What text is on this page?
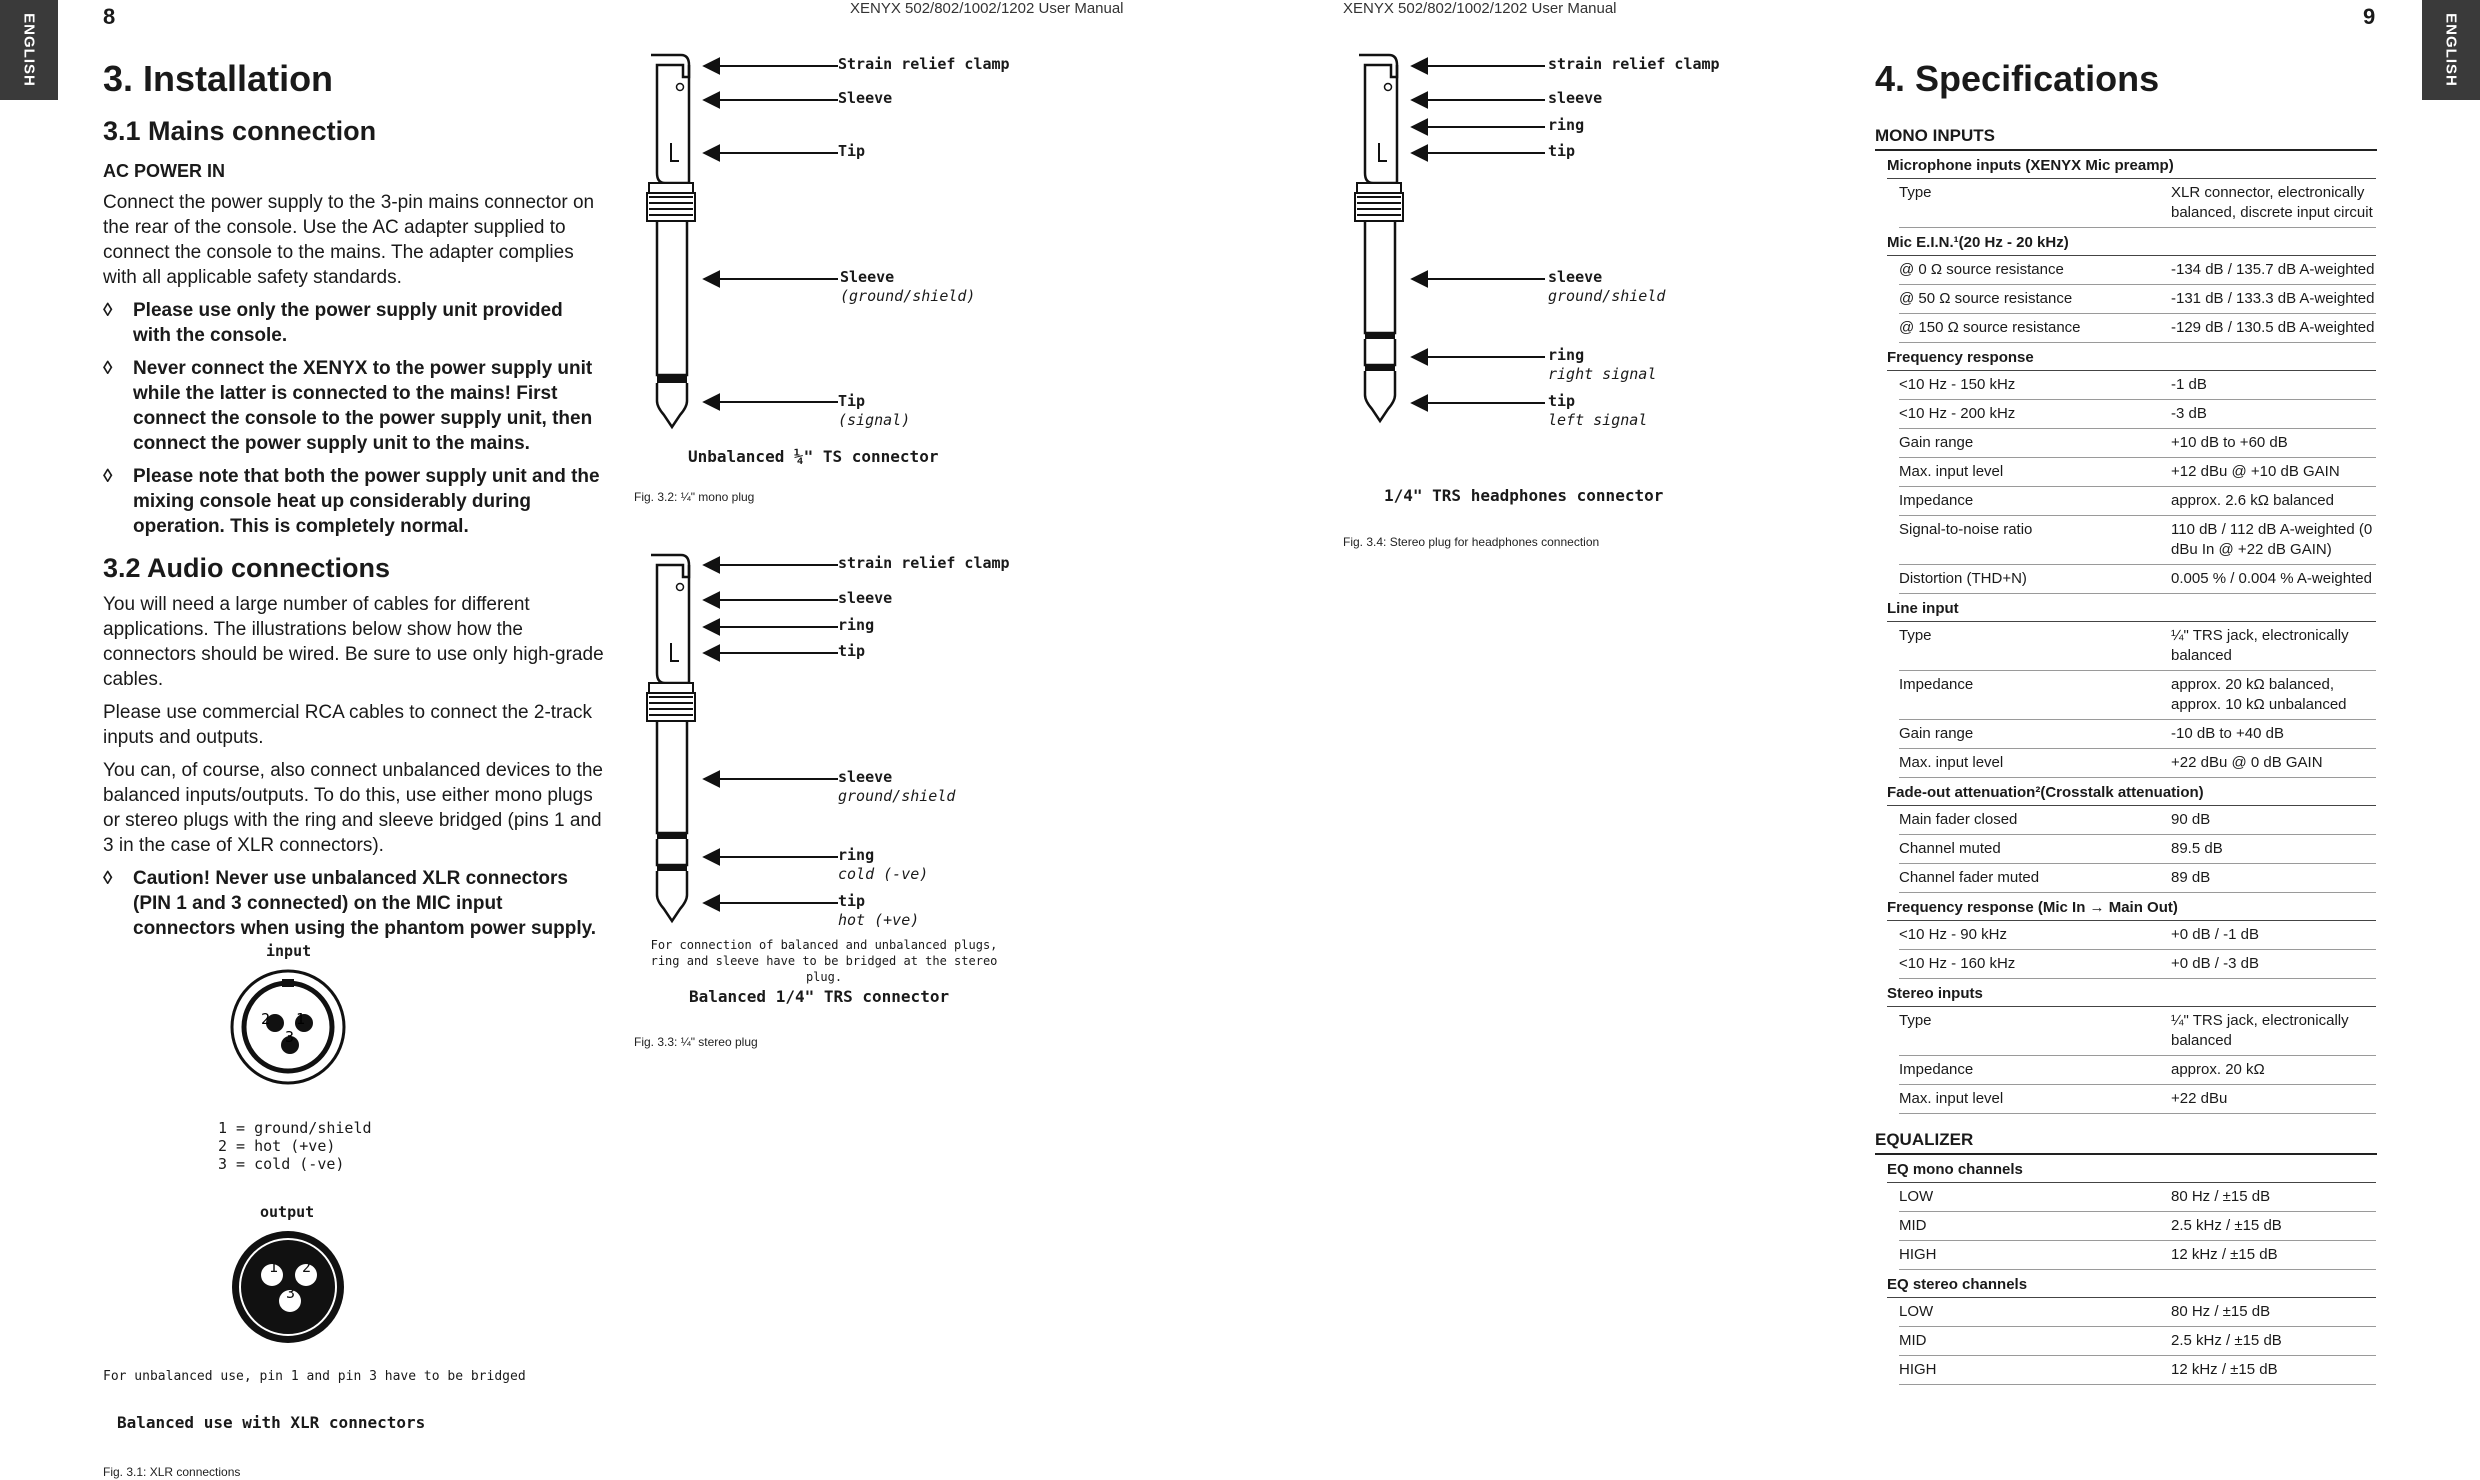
8	9
XENYX 502/802/1002/1202 User Manual	XENYX 502/802/1002/1202 User Manual
ENGLISH	ENGLISH
3. Installation
3.1 Mains connection
AC POWER IN

Connect the power supply to the 3-pin mains connector on the rear of the console. Use the AC adapter supplied to connect the console to the mains. The adapter complies with all applicable safety standards.

◊	Please use only the power supply unit provided with the console.
◊	Never connect the XENYX to the power supply unit while the latter is connected to the mains! First connect the console to the power supply unit, then connect the power supply unit to the mains.
◊	Please note that both the power supply unit and the mixing console heat up considerably during operation. This is completely normal.
3.2 Audio connections

You will need a large number of cables for different applications. The illustrations below show how the connectors should be wired. Be sure to use only high-grade cables.

Please use commercial RCA cables to connect the 2-track inputs and outputs.

You can, of course, also connect unbalanced devices to the balanced inputs/outputs. To do this, use either mono plugs or stereo plugs with the ring and sleeve bridged (pins 1 and 3 in the case of XLR connectors).

◊	Caution! Never use unbalanced XLR connectors (PIN 1 and 3 connected) on the MIC input connectors when using the phantom power supply.
input
2 1
3
1 = ground/shield
2 = hot (+ve)
3 = cold (-ve)
output
1 2
3
For unbalanced use, pin 1 and pin 3 have to be bridged
Balanced use with XLR connectors
Fig. 3.1: XLR connections
Strain relief clamp
Sleeve
Tip
Sleeve
(ground/shield)
Tip
(signal)
Unbalanced ¼" TS connector
Fig. 3.2: ¼" mono plug
strain relief clamp
sleeve
ring
tip
sleeve
ground/shield
ring
cold (-ve)
tip
hot (+ve)
For connection of balanced and unbalanced plugs,
ring and sleeve have to be bridged at the stereo plug.
Balanced 1/4" TRS connector
Fig. 3.3: ¼" stereo plug
strain relief clamp
sleeve
ring
tip
sleeve
ground/shield
ring
right signal
tip
left signal
1/4" TRS headphones connector
Fig. 3.4: Stereo plug for headphones connection
4. Specifications
MONO INPUTS
Microphone inputs (XENYX Mic preamp)
Type	XLR connector, electronically balanced, discrete input circuit
Mic E.I.N.¹(20 Hz - 20 kHz)
@ 0 Ω source resistance	-134 dB / 135.7 dB A-weighted
@ 50 Ω source resistance	-131 dB / 133.3 dB A-weighted
@ 150 Ω source resistance	-129 dB / 130.5 dB A-weighted
Frequency response
<10 Hz - 150 kHz	-1 dB
<10 Hz - 200 kHz	-3 dB
Gain range	+10 dB to +60 dB
Max. input level	+12 dBu @ +10 dB GAIN
Impedance	approx. 2.6 kΩ balanced
Signal-to-noise ratio	110 dB / 112 dB A-weighted (0 dBu In @ +22 dB GAIN)
Distortion (THD+N)	0.005 % / 0.004 % A-weighted
Line input
Type	¼" TRS jack, electronically balanced
Impedance	approx. 20 kΩ balanced, approx. 10 kΩ unbalanced
Gain range	-10 dB to +40 dB
Max. input level	+22 dBu @ 0 dB GAIN
Fade-out attenuation²(Crosstalk attenuation)
Main fader closed	90 dB
Channel muted	89.5 dB
Channel fader muted	89 dB
Frequency response (Mic In → Main Out)
<10 Hz - 90 kHz	+0 dB / -1 dB
<10 Hz - 160 kHz	+0 dB / -3 dB
Stereo inputs
Type	¼" TRS jack, electronically balanced
Impedance	approx. 20 kΩ
Max. input level	+22 dBu
EQUALIZER
EQ mono channels
LOW	80 Hz / ±15 dB
MID	2.5 kHz / ±15 dB
HIGH	12 kHz / ±15 dB
EQ stereo channels
LOW	80 Hz / ±15 dB
MID	2.5 kHz / ±15 dB
HIGH	12 kHz / ±15 dB
